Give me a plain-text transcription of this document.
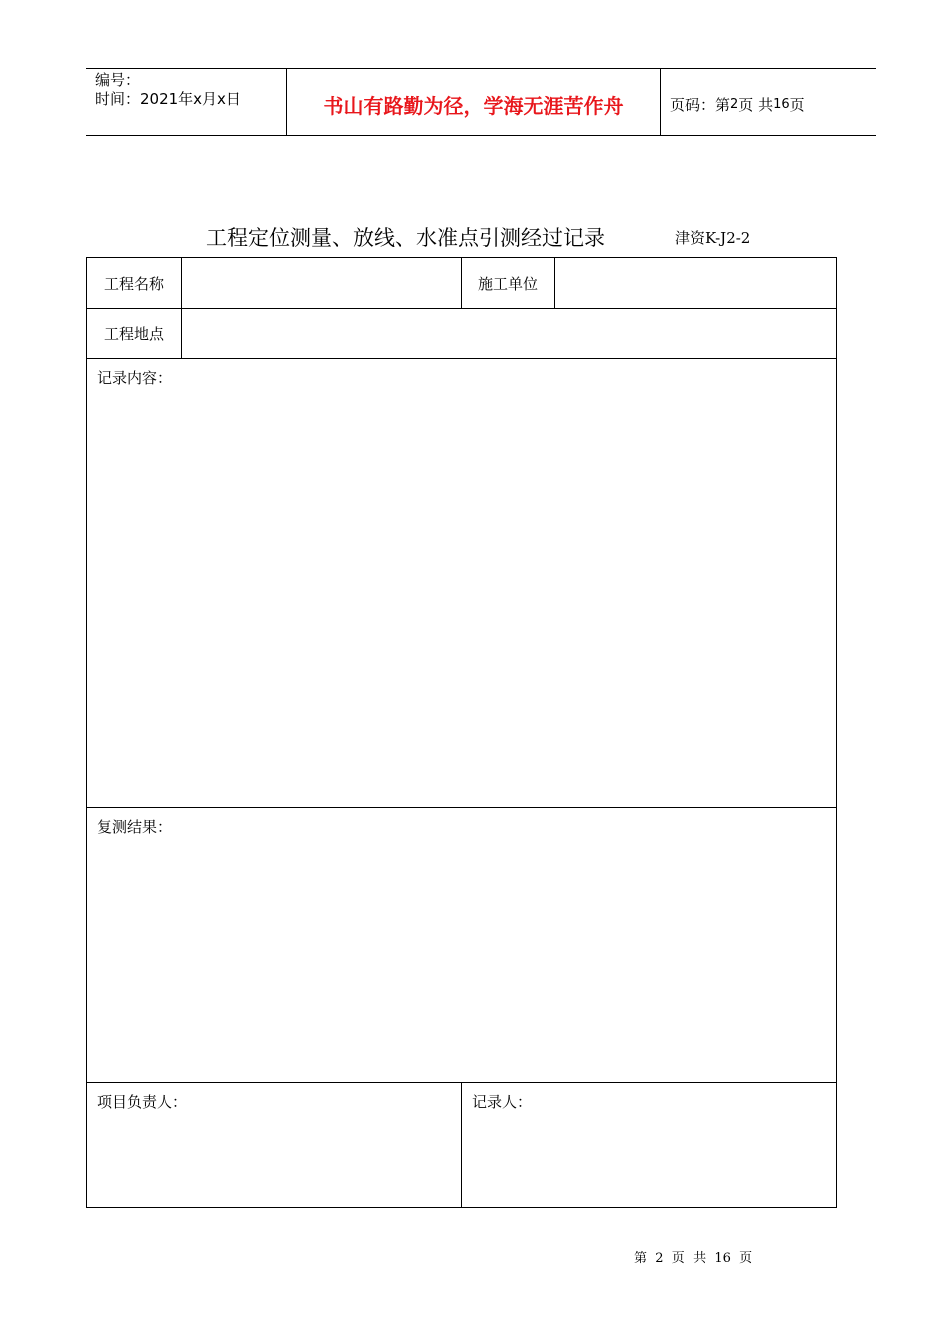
编号：
时间：2021年x月x日	书山有路勤为径，学海无涯苦作舟	页码：第 2 页 共 16 页
工程定位测量、放线、水准点引测经过记录	津资K-J2-2
工程名称	施工单位
工程地点
记录内容：
复测结果：
项目负责人：	记录人：
第  2  页  共  16  页
